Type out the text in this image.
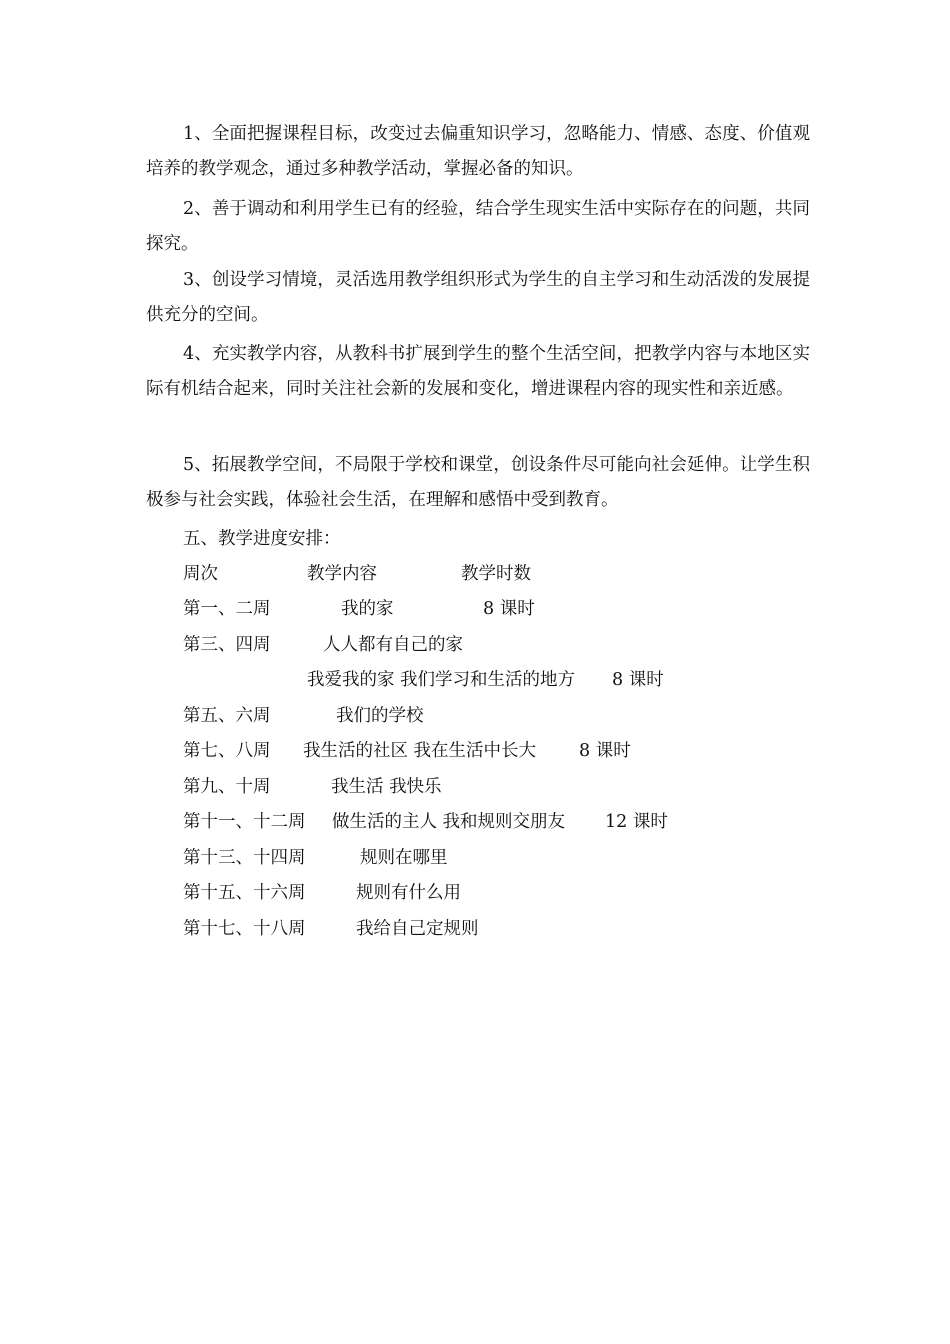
1、全面把握课程目标，改变过去偏重知识学习，忽略能力、情感、态度、价值观培养的教学观念，通过多种教学活动，掌握必备的知识。

2、善于调动和利用学生已有的经验，结合学生现实生活中实际存在的问题，共同探究。

3、创设学习情境，灵活选用教学组织形式为学生的自主学习和生动活泼的发展提供充分的空间。

4、充实教学内容，从教科书扩展到学生的整个生活空间，把教学内容与本地区实际有机结合起来，同时关注社会新的发展和变化，增进课程内容的现实性和亲近感。

5、拓展教学空间，不局限于学校和课堂，创设条件尽可能向社会延伸。让学生积极参与社会实践，体验社会生活，在理解和感悟中受到教育。

五、教学进度安排：
周次	教学内容	教学时数
第一、二周	我的家	8 课时
第三、四周	人人都有自己的家
我爱我的家 我们学习和生活的地方 8 课时
第五、六周	我们的学校
第七、八周 我生活的社区 我在生活中长大 8 课时
第九、十周	我生活 我快乐
第十一、十二周 做生活的主人 我和规则交朋友 12 课时
第十三、十四周	规则在哪里
第十五、十六周	规则有什么用
第十七、十八周	我给自己定规则
